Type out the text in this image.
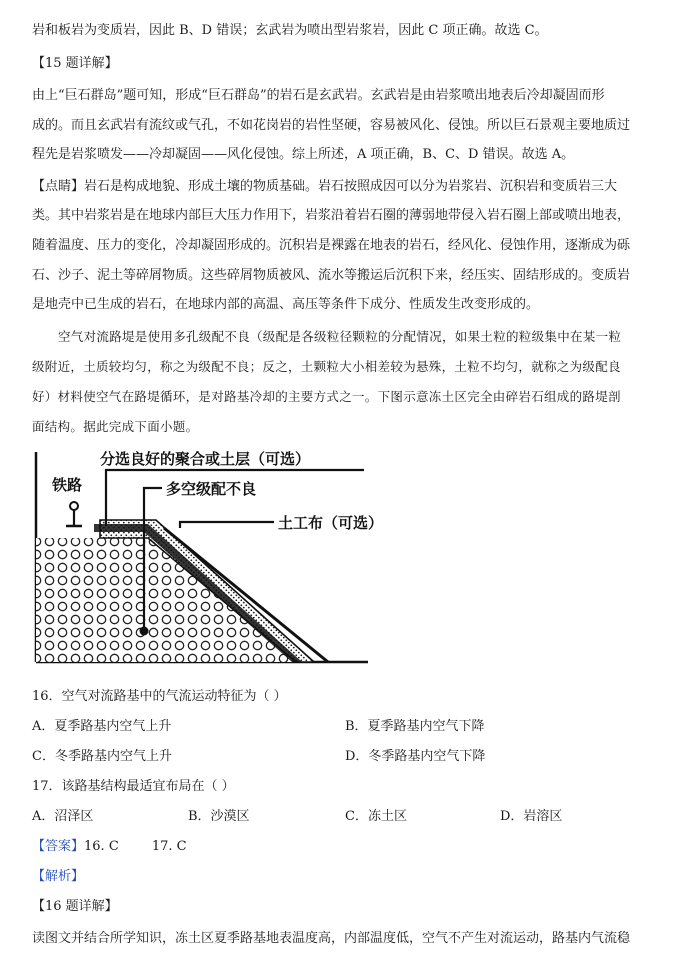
岩和板岩为变质岩，因此 B、D 错误；玄武岩为喷出型岩浆岩，因此 C 项正确。故选 C。
【15 题详解】
由上“巨石群岛”题可知，形成“巨石群岛”的岩石是玄武岩。玄武岩是由岩浆喷出地表后冷却凝固而形
成的。而且玄武岩有流纹或气孔，不如花岗岩的岩性坚硬，容易被风化、侵蚀。所以巨石景观主要地质过
程先是岩浆喷发——冷却凝固——风化侵蚀。综上所述，A 项正确，B、C、D 错误。故选 A。
【点睛】岩石是构成地貌、形成土壤的物质基础。岩石按照成因可以分为岩浆岩、沉积岩和变质岩三大
类。其中岩浆岩是在地球内部巨大压力作用下，岩浆沿着岩石圈的薄弱地带侵入岩石圈上部或喷出地表，
随着温度、压力的变化，冷却凝固形成的。沉积岩是裸露在地表的岩石，经风化、侵蚀作用，逐渐成为砾
石、沙子、泥土等碎屑物质。这些碎屑物质被风、流水等搬运后沉积下来，经压实、固结形成的。变质岩
是地壳中已生成的岩石，在地球内部的高温、高压等条件下成分、性质发生改变形成的。
空气对流路堤是使用多孔级配不良（级配是各级粒径颗粒的分配情况，如果土粒的粒级集中在某一粒
级附近，土质较均匀，称之为级配不良；反之，土颗粒大小相差较为悬殊，土粒不均匀，就称之为级配良
好）材料使空气在路堤循环，是对路基冷却的主要方式之一。下图示意冻土区完全由碎岩石组成的路堤剖
面结构。据此完成下面小题。
分选良好的聚合或土层（可选）
铁路	多空级配不良
土工布（可选）
16．空气对流路基中的气流运动特征为（ ）
A．夏季路基内空气上升	B．夏季路基内空气下降
C．冬季路基内空气上升	D．冬季路基内空气下降
17．该路基结构最适宜布局在（ ）
A．沼泽区	B．沙漠区	C．冻土区	D．岩溶区
【答案】16. C        17. C
【解析】
【16 题详解】
读图文并结合所学知识，冻土区夏季路基地表温度高，内部温度低，空气不产生对流运动，路基内气流稳
